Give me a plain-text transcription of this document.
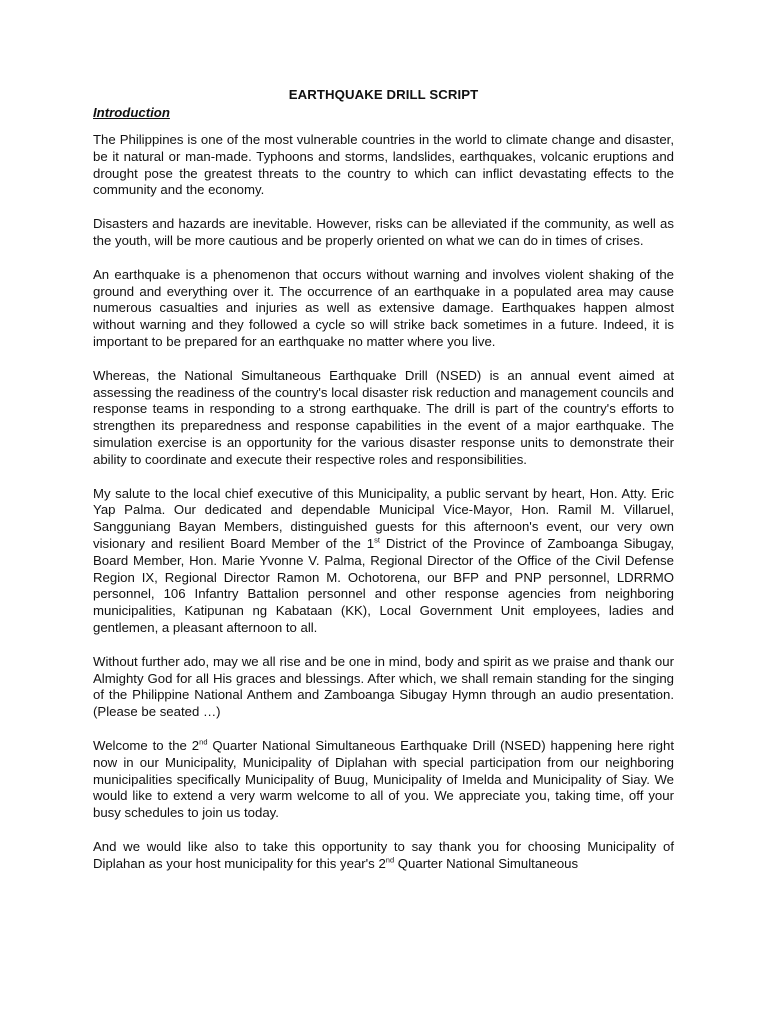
EARTHQUAKE DRILL SCRIPT

Introduction

The Philippines is one of the most vulnerable countries in the world to climate change and disaster, be it natural or man-made. Typhoons and storms, landslides, earthquakes, volcanic eruptions and drought pose the greatest threats to the country to which can inflict devastating effects to the community and the economy.

Disasters and hazards are inevitable. However, risks can be alleviated if the community, as well as the youth, will be more cautious and be properly oriented on what we can do in times of crises.

An earthquake is a phenomenon that occurs without warning and involves violent shaking of the ground and everything over it. The occurrence of an earthquake in a populated area may cause numerous casualties and injuries as well as extensive damage. Earthquakes happen almost without warning and they followed a cycle so will strike back sometimes in a future. Indeed, it is important to be prepared for an earthquake no matter where you live.

Whereas, the National Simultaneous Earthquake Drill (NSED) is an annual event aimed at assessing the readiness of the country's local disaster risk reduction and management councils and response teams in responding to a strong earthquake. The drill is part of the country's efforts to strengthen its preparedness and response capabilities in the event of a major earthquake. The simulation exercise is an opportunity for the various disaster response units to demonstrate their ability to coordinate and execute their respective roles and responsibilities.

My salute to the local chief executive of this Municipality, a public servant by heart, Hon. Atty. Eric Yap Palma. Our dedicated and dependable Municipal Vice-Mayor, Hon. Ramil M. Villaruel, Sangguniang Bayan Members, distinguished guests for this afternoon's event, our very own visionary and resilient Board Member of the 1st District of the Province of Zamboanga Sibugay, Board Member, Hon. Marie Yvonne V. Palma, Regional Director of the Office of the Civil Defense Region IX, Regional Director Ramon M. Ochotorena, our BFP and PNP personnel, LDRRMO personnel, 106 Infantry Battalion personnel and other response agencies from neighboring municipalities, Katipunan ng Kabataan (KK), Local Government Unit employees, ladies and gentlemen, a pleasant afternoon to all.

Without further ado, may we all rise and be one in mind, body and spirit as we praise and thank our Almighty God for all His graces and blessings. After which, we shall remain standing for the singing of the Philippine National Anthem and Zamboanga Sibugay Hymn through an audio presentation. (Please be seated …)

Welcome to the 2nd Quarter National Simultaneous Earthquake Drill (NSED) happening here right now in our Municipality, Municipality of Diplahan with special participation from our neighboring municipalities specifically Municipality of Buug, Municipality of Imelda and Municipality of Siay. We would like to extend a very warm welcome to all of you. We appreciate you, taking time, off your busy schedules to join us today.

And we would like also to take this opportunity to say thank you for choosing Municipality of Diplahan as your host municipality for this year's 2nd Quarter National Simultaneous
